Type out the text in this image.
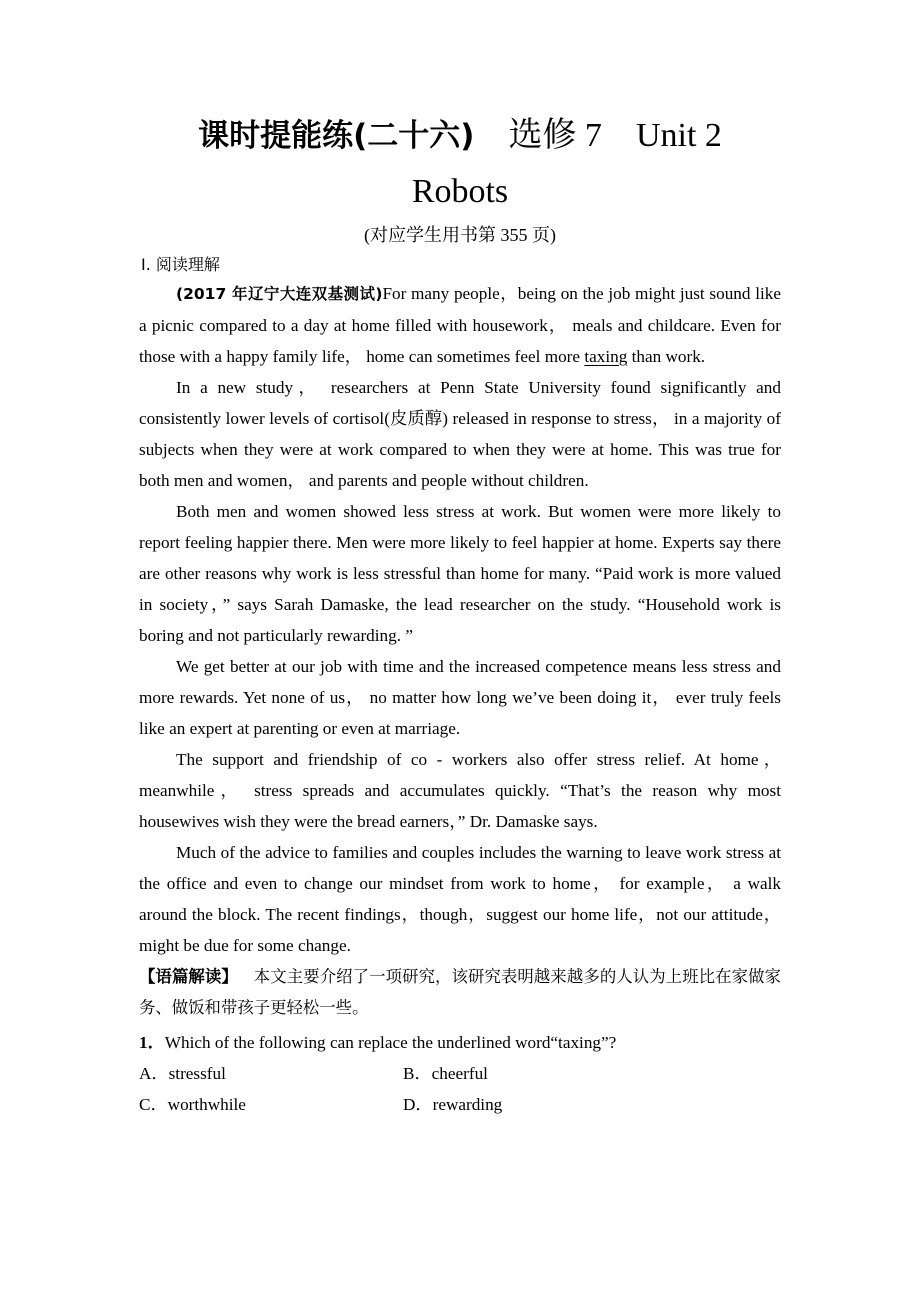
课时提能练(二十六) 选修 7 Unit 2
Robots
(对应学生用书第 355 页)
Ⅰ. 阅读理解

(2017 年辽宁大连双基测试)For many people，being on the job might just sound like a picnic compared to a day at home filled with housework， meals and childcare. Even for those with a happy family life， home can sometimes feel more taxing than work.

In a new study， researchers at Penn State University found significantly and consistently lower levels of cortisol(皮质醇) released in response to stress， in a majority of subjects when they were at work compared to when they were at home. This was true for both men and women， and parents and people without children.

Both men and women showed less stress at work. But women were more likely to report feeling happier there. Men were more likely to feel happier at home. Experts say there are other reasons why work is less stressful than home for many. “Paid work is more valued in society，” says Sarah Damaske, the lead researcher on the study. “Household work is boring and not particularly rewarding. ”

We get better at our job with time and the increased competence means less stress and more rewards. Yet none of us， no matter how long we’ve been doing it， ever truly feels like an expert at parenting or even at marriage.

The support and friendship of co - workers also offer stress relief. At home， meanwhile， stress spreads and accumulates quickly. “That’s the reason why most housewives wish they were the bread earners，” Dr. Damaske says.

Much of the advice to families and couples includes the warning to leave work stress at the office and even to change our mindset from work to home， for example， a walk around the block. The recent findings，though，suggest our home life，not our attitude， might be due for some change.

【语篇解读】 本文主要介绍了一项研究，该研究表明越来越多的人认为上班比在家做家务、做饭和带孩子更轻松一些。

1．Which of the following can replace the underlined word“taxing”?
A．stressful	B．cheerful
C．worthwhile	D．rewarding
